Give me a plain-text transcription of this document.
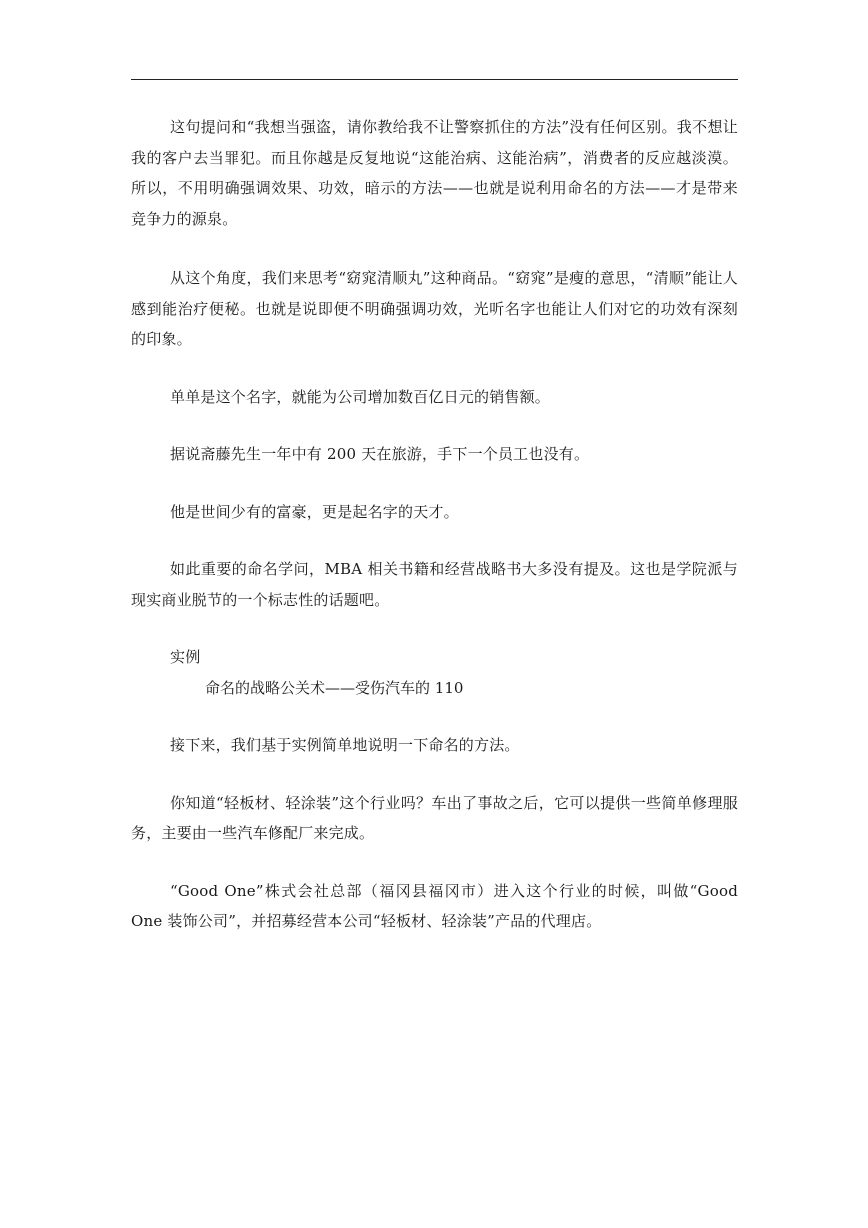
这句提问和“我想当强盗，请你教给我不让警察抓住的方法”没有任何区别。我不想让我的客户去当罪犯。而且你越是反复地说“这能治病、这能治病”，消费者的反应越淡漠。所以，不用明确强调效果、功效，暗示的方法——也就是说利用命名的方法——才是带来竞争力的源泉。

从这个角度，我们来思考“窈窕清顺丸”这种商品。“窈窕”是瘦的意思，“清顺”能让人感到能治疗便秘。也就是说即便不明确强调功效，光听名字也能让人们对它的功效有深刻的印象。

单单是这个名字，就能为公司增加数百亿日元的销售额。

据说斋藤先生一年中有 200 天在旅游，手下一个员工也没有。

他是世间少有的富豪，更是起名字的天才。

如此重要的命名学问，MBA 相关书籍和经营战略书大多没有提及。这也是学院派与现实商业脱节的一个标志性的话题吧。

实例

命名的战略公关术——受伤汽车的 110

接下来，我们基于实例简单地说明一下命名的方法。

你知道“轻板材、轻涂装”这个行业吗？车出了事故之后，它可以提供一些简单修理服务，主要由一些汽车修配厂来完成。

“Good One”株式会社总部（福冈县福冈市）进入这个行业的时候，叫做“Good One 装饰公司”，并招募经营本公司“轻板材、轻涂装”产品的代理店。
